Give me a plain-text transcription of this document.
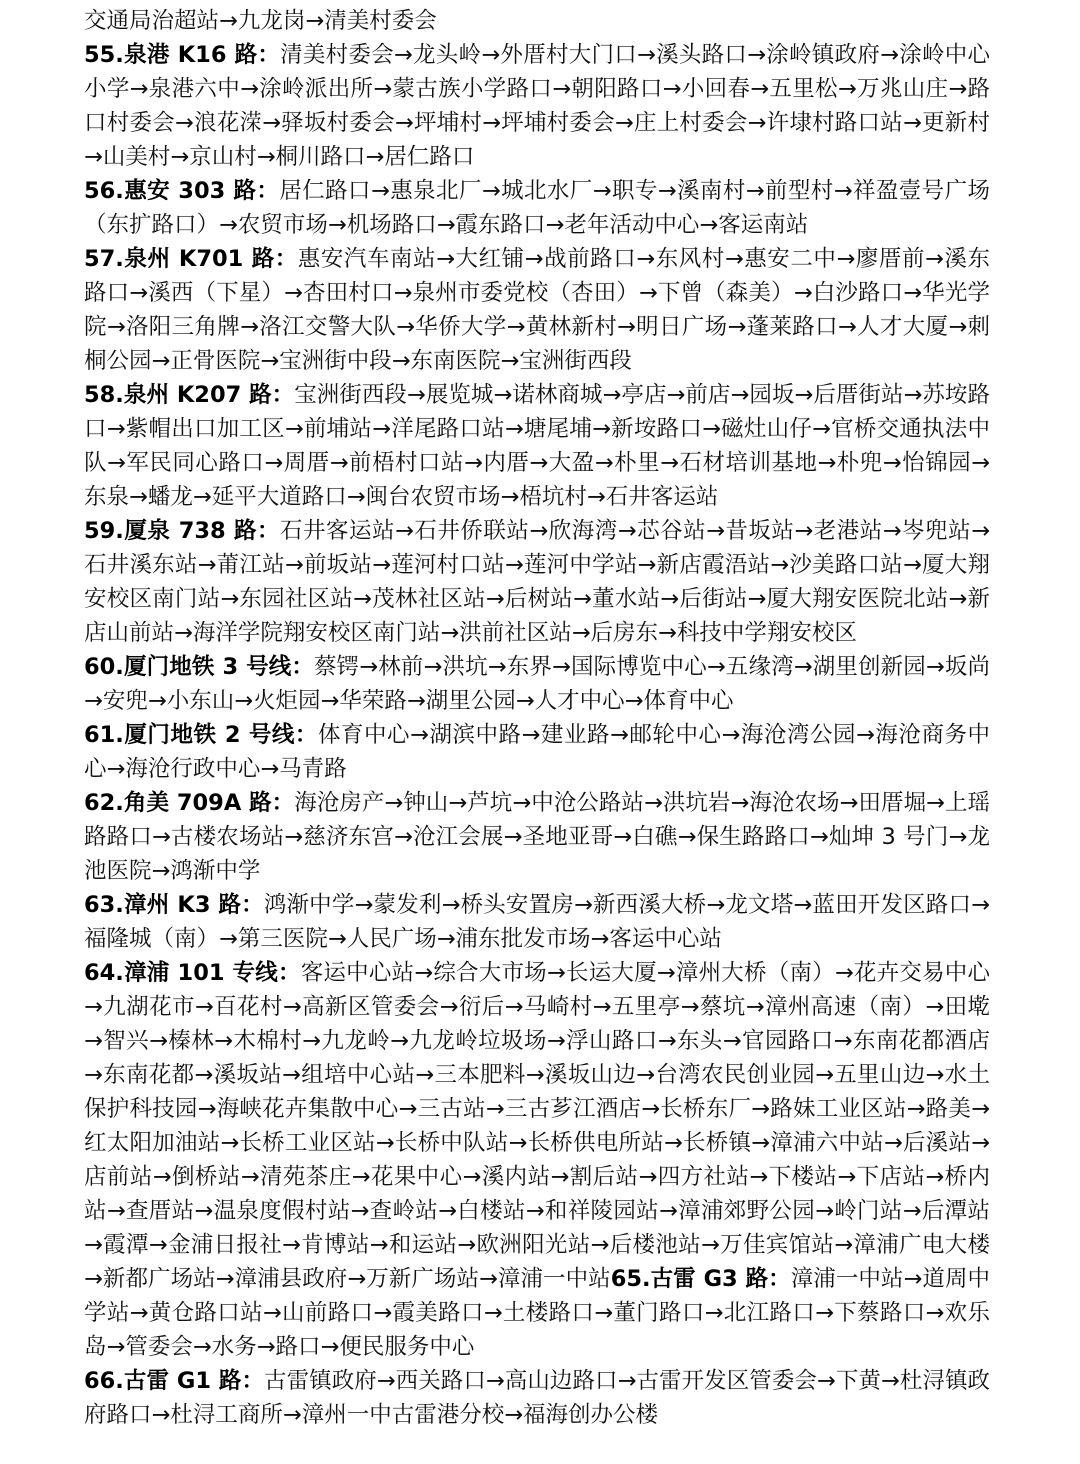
交通局治超站→九龙岗→清美村委会

55.泉港 K16 路：清美村委会→龙头岭→外厝村大门口→溪头路口→涂岭镇政府→涂岭中心小学→泉港六中→涂岭派出所→蒙古族小学路口→朝阳路口→小回春→五里松→万兆山庄→路口村委会→浪花溁→驿坂村委会→坪埔村→坪埔村委会→庄上村委会→许埭村路口站→更新村→山美村→京山村→桐川路口→居仁路口

56.惠安 303 路：居仁路口→惠泉北厂→城北水厂→职专→溪南村→前型村→祥盈壹号广场（东扩路口）→农贸市场→机场路口→霞东路口→老年活动中心→客运南站

57.泉州 K701 路：惠安汽车南站→大红铺→战前路口→东风村→惠安二中→廖厝前→溪东路口→溪西（下星）→杏田村口→泉州市委党校（杏田）→下曾（森美）→白沙路口→华光学院→洛阳三角牌→洛江交警大队→华侨大学→黄林新村→明日广场→蓬莱路口→人才大厦→刺桐公园→正骨医院→宝洲街中段→东南医院→宝洲街西段

58.泉州 K207 路：宝洲街西段→展览城→诺林商城→亭店→前店→园坂→后厝街站→苏垵路口→紫帽出口加工区→前埔站→洋尾路口站→塘尾埔→新垵路口→磁灶山仔→官桥交通执法中队→军民同心路口→周厝→前梧村口站→内厝→大盈→朴里→石材培训基地→朴兜→怡锦园→东泉→蟠龙→延平大道路口→闽台农贸市场→梧坑村→石井客运站

59.厦泉 738 路：石井客运站→石井侨联站→欣海湾→芯谷站→昔坂站→老港站→岑兜站→石井溪东站→莆江站→前坂站→莲河村口站→莲河中学站→新店霞浯站→沙美路口站→厦大翔安校区南门站→东园社区站→茂林社区站→后树站→董水站→后街站→厦大翔安医院北站→新店山前站→海洋学院翔安校区南门站→洪前社区站→后房东→科技中学翔安校区

60.厦门地铁 3 号线：蔡锷→林前→洪坑→东界→国际博览中心→五缘湾→湖里创新园→坂尚→安兜→小东山→火炬园→华荣路→湖里公园→人才中心→体育中心

61.厦门地铁 2 号线：体育中心→湖滨中路→建业路→邮轮中心→海沧湾公园→海沧商务中心→海沧行政中心→马青路

62.角美 709A 路：海沧房产→钟山→芦坑→中沧公路站→洪坑岩→海沧农场→田厝堀→上瑶路路口→古楼农场站→慈济东宫→沧江会展→圣地亚哥→白礁→保生路路口→灿坤 3 号门→龙池医院→鸿渐中学

63.漳州 K3 路：鸿渐中学→蒙发利→桥头安置房→新西溪大桥→龙文塔→蓝田开发区路口→福隆城（南）→第三医院→人民广场→浦东批发市场→客运中心站

64.漳浦 101 专线：客运中心站→综合大市场→长运大厦→漳州大桥（南）→花卉交易中心→九湖花市→百花村→高新区管委会→衍后→马崎村→五里亭→蔡坑→漳州高速（南）→田墘→智兴→榛林→木棉村→九龙岭→九龙岭垃圾场→浮山路口→东头→官园路口→东南花都酒店→东南花都→溪坂站→组培中心站→三本肥料→溪坂山边→台湾农民创业园→五里山边→水土保护科技园→海峡花卉集散中心→三古站→三古芗江酒店→长桥东厂→路妹工业区站→路美→红太阳加油站→长桥工业区站→长桥中队站→长桥供电所站→长桥镇→漳浦六中站→后溪站→店前站→倒桥站→清苑茶庄→花果中心→溪内站→割后站→四方社站→下楼站→下店站→桥内站→查厝站→温泉度假村站→查岭站→白楼站→和祥陵园站→漳浦郊野公园→岭门站→后潭站→霞潭→金浦日报社→肯博站→和运站→欧洲阳光站→后楼池站→万佳宾馆站→漳浦广电大楼→新都广场站→漳浦县政府→万新广场站→漳浦一中站65.古雷 G3 路：漳浦一中站→道周中学站→黄仓路口站→山前路口→霞美路口→土楼路口→董门路口→北江路口→下蔡路口→欢乐岛→管委会→水务→路口→便民服务中心

66.古雷 G1 路：古雷镇政府→西关路口→高山边路口→古雷开发区管委会→下黄→杜浔镇政府路口→杜浔工商所→漳州一中古雷港分校→福海创办公楼
